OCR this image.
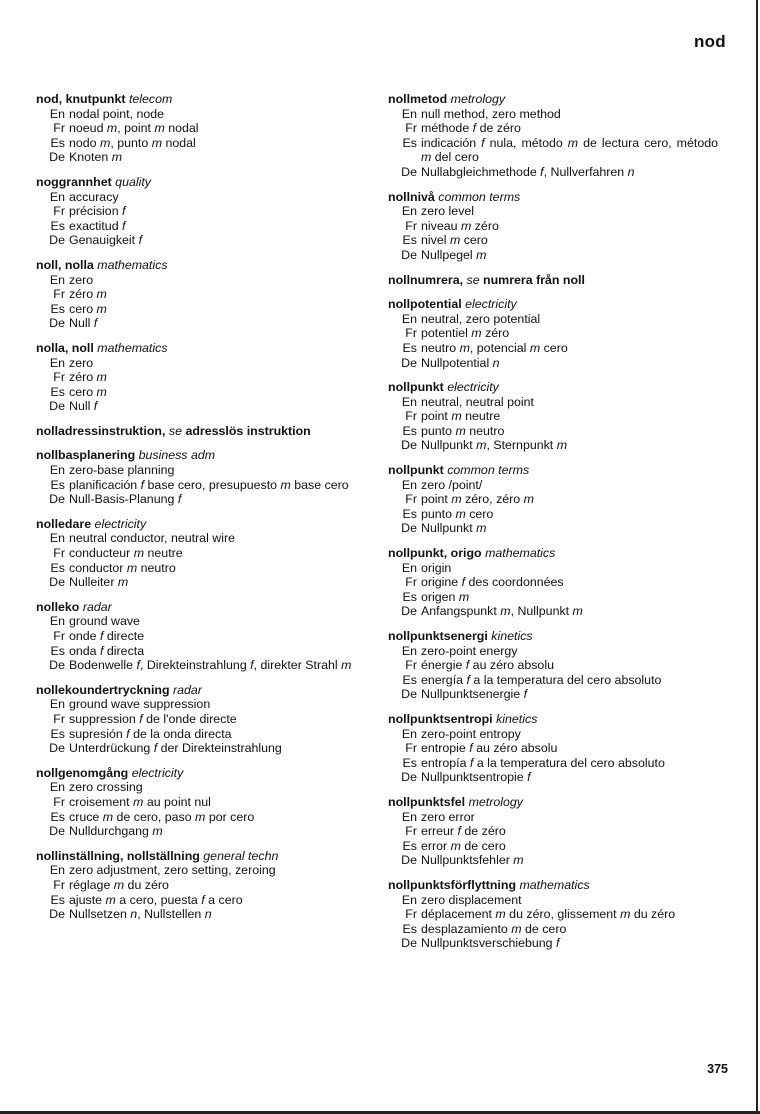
nod
nod, knutpunkt telecom
En nodal point, node
Fr noeud m, point m nodal
Es nodo m, punto m nodal
De Knoten m
noggrannhet quality
En accuracy
Fr précision f
Es exactitud f
De Genauigkeit f
noll, nolla mathematics
En zero
Fr zéro m
Es cero m
De Null f
nolla, noll mathematics
En zero
Fr zéro m
Es cero m
De Null f
nolladressinstruktion, se adresslös instruktion
nollbasplanering business adm
En zero-base planning
Es planificación f base cero, presupuesto m base cero
De Null-Basis-Planung f
nolledare electricity
En neutral conductor, neutral wire
Fr conducteur m neutre
Es conductor m neutro
De Nulleiter m
nolleko radar
En ground wave
Fr onde f directe
Es onda f directa
De Bodenwelle f, Direkteinstrahlung f, direkter Strahl m
nollekoundertryckning radar
En ground wave suppression
Fr suppression f de l'onde directe
Es supresión f de la onda directa
De Unterdrückung f der Direkteinstrahlung
nollgenomgång electricity
En zero crossing
Fr croisement m au point nul
Es cruce m de cero, paso m por cero
De Nulldurchgang m
nollinställning, nollställning general techn
En zero adjustment, zero setting, zeroing
Fr réglage m du zéro
Es ajuste m a cero, puesta f a cero
De Nullsetzen n, Nullstellen n
nollmetod metrology
En null method, zero method
Fr méthode f de zéro
Es indicación f nula, método m de lectura cero, método m del cero
De Nullabgleichmethode f, Nullverfahren n
nollnivå common terms
En zero level
Fr niveau m zéro
Es nivel m cero
De Nullpegel m
nollnumrera, se numrera från noll
nollpotential electricity
En neutral, zero potential
Fr potentiel m zéro
Es neutro m, potencial m cero
De Nullpotential n
nollpunkt electricity
En neutral, neutral point
Fr point m neutre
Es punto m neutro
De Nullpunkt m, Sternpunkt m
nollpunkt common terms
En zero /point/
Fr point m zéro, zéro m
Es punto m cero
De Nullpunkt m
nollpunkt, origo mathematics
En origin
Fr origine f des coordonnées
Es origen m
De Anfangspunkt m, Nullpunkt m
nollpunktsenergi kinetics
En zero-point energy
Fr énergie f au zéro absolu
Es energía f a la temperatura del cero absoluto
De Nullpunktsenergie f
nollpunktsentropi kinetics
En zero-point entropy
Fr entropie f au zéro absolu
Es entropía f a la temperatura del cero absoluto
De Nullpunktsentropie f
nollpunktsfel metrology
En zero error
Fr erreur f de zéro
Es error m de cero
De Nullpunktsfehler m
nollpunktsförflyttning mathematics
En zero displacement
Fr déplacement m du zéro, glissement m du zéro
Es desplazamiento m de cero
De Nullpunktsverschiebung f
375
